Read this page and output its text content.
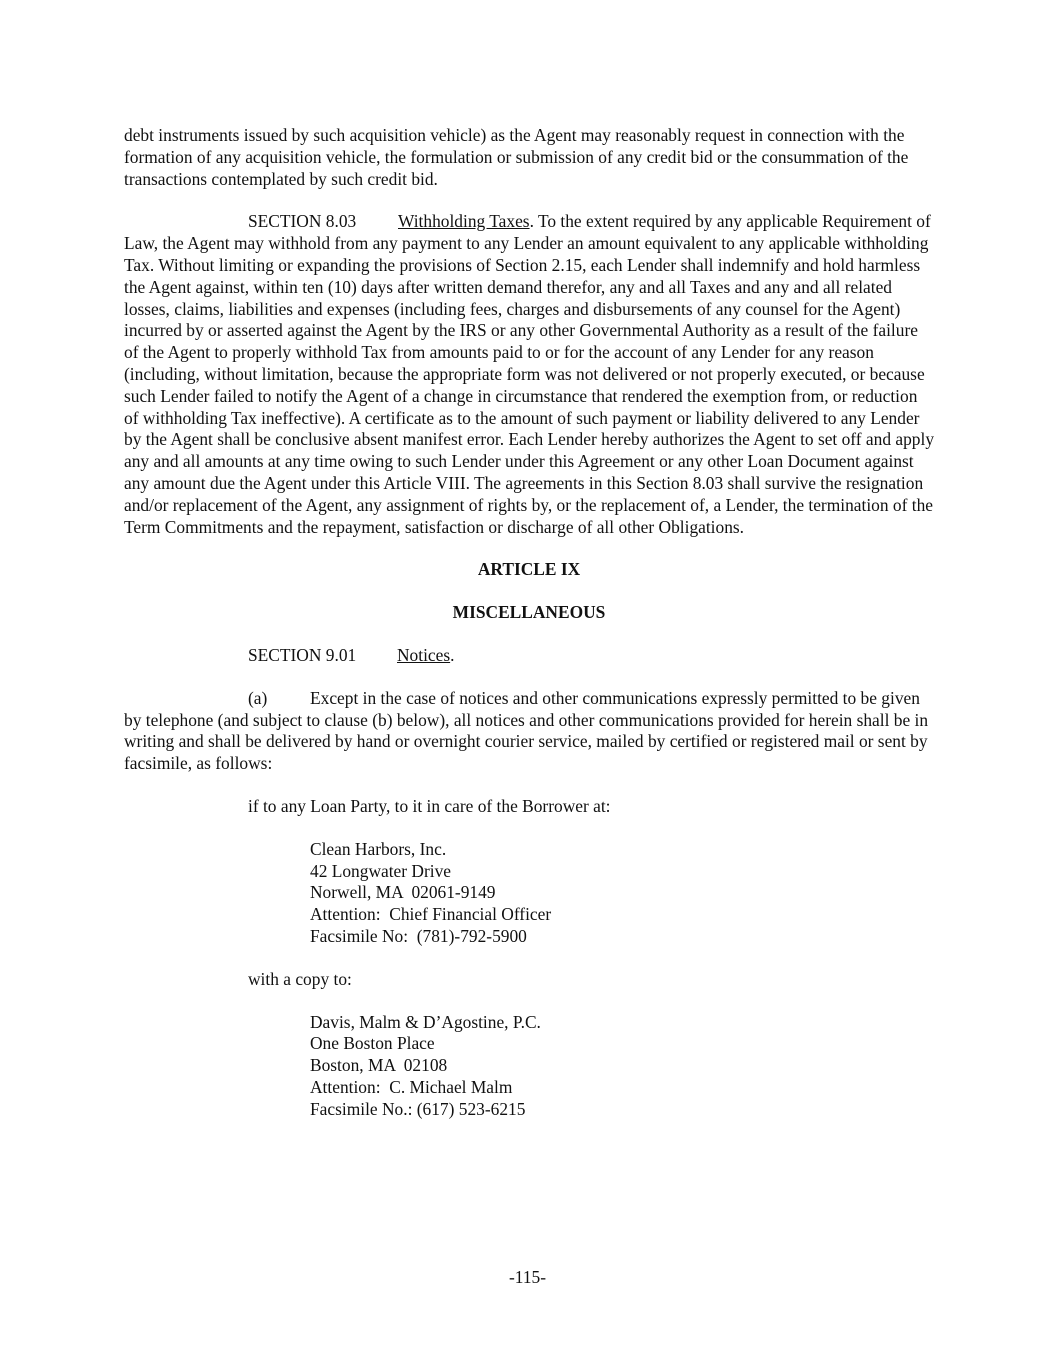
debt instruments issued by such acquisition vehicle) as the Agent may reasonably request in connection with the formation of any acquisition vehicle, the formulation or submission of any credit bid or the consummation of the transactions contemplated by such credit bid.

SECTION 8.03 Withholding Taxes. To the extent required by any applicable Requirement of Law, the Agent may withhold from any payment to any Lender an amount equivalent to any applicable withholding Tax. Without limiting or expanding the provisions of Section 2.15, each Lender shall indemnify and hold harmless the Agent against, within ten (10) days after written demand therefor, any and all Taxes and any and all related losses, claims, liabilities and expenses (including fees, charges and disbursements of any counsel for the Agent) incurred by or asserted against the Agent by the IRS or any other Governmental Authority as a result of the failure of the Agent to properly withhold Tax from amounts paid to or for the account of any Lender for any reason (including, without limitation, because the appropriate form was not delivered or not properly executed, or because such Lender failed to notify the Agent of a change in circumstance that rendered the exemption from, or reduction of withholding Tax ineffective). A certificate as to the amount of such payment or liability delivered to any Lender by the Agent shall be conclusive absent manifest error. Each Lender hereby authorizes the Agent to set off and apply any and all amounts at any time owing to such Lender under this Agreement or any other Loan Document against any amount due the Agent under this Article VIII. The agreements in this Section 8.03 shall survive the resignation and/or replacement of the Agent, any assignment of rights by, or the replacement of, a Lender, the termination of the Term Commitments and the repayment, satisfaction or discharge of all other Obligations.

ARTICLE IX

MISCELLANEOUS

SECTION 9.01 Notices.

(a) Except in the case of notices and other communications expressly permitted to be given by telephone (and subject to clause (b) below), all notices and other communications provided for herein shall be in writing and shall be delivered by hand or overnight courier service, mailed by certified or registered mail or sent by facsimile, as follows:

if to any Loan Party, to it in care of the Borrower at:

Clean Harbors, Inc.
42 Longwater Drive
Norwell, MA  02061-9149
Attention:  Chief Financial Officer
Facsimile No:  (781)-792-5900

with a copy to:

Davis, Malm & D’Agostine, P.C.
One Boston Place
Boston, MA  02108
Attention:  C. Michael Malm
Facsimile No.: (617) 523-6215
-115-
